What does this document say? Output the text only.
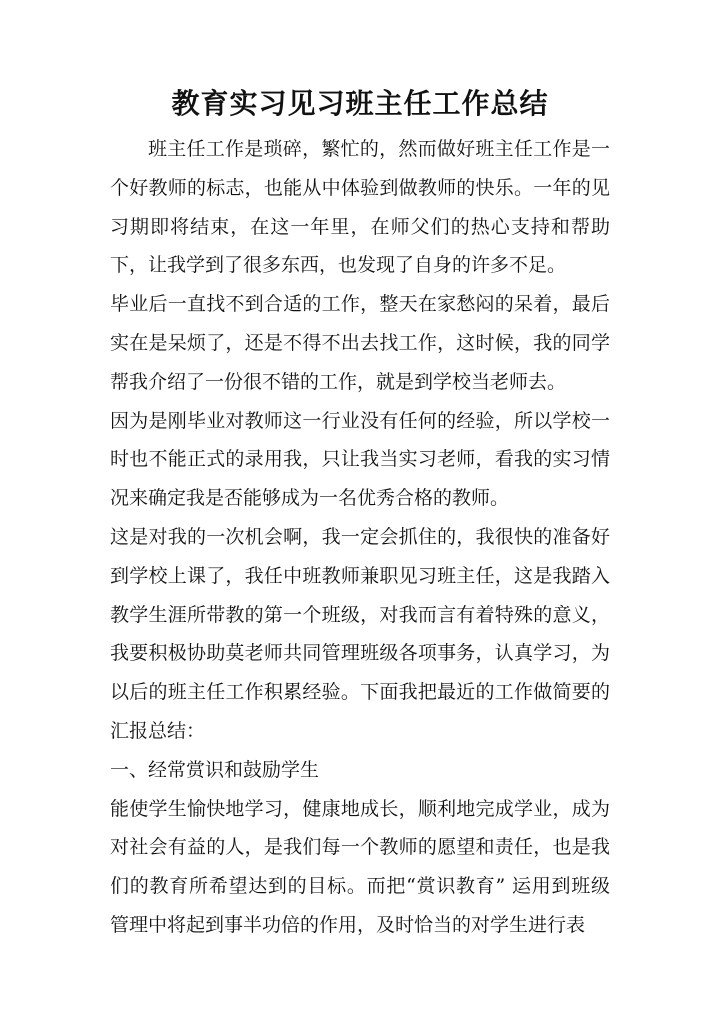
教育实习见习班主任工作总结

班主任工作是琐碎，繁忙的，然而做好班主任工作是一个好教师的标志，也能从中体验到做教师的快乐。一年的见习期即将结束，在这一年里，在师父们的热心支持和帮助下，让我学到了很多东西，也发现了自身的许多不足。

毕业后一直找不到合适的工作，整天在家愁闷的呆着，最后实在是呆烦了，还是不得不出去找工作，这时候，我的同学帮我介绍了一份很不错的工作，就是到学校当老师去。

因为是刚毕业对教师这一行业没有任何的经验，所以学校一时也不能正式的录用我，只让我当实习老师，看我的实习情况来确定我是否能够成为一名优秀合格的教师。

这是对我的一次机会啊，我一定会抓住的，我很快的准备好到学校上课了，我任中班教师兼职见习班主任，这是我踏入教学生涯所带教的第一个班级，对我而言有着特殊的意义，我要积极协助莫老师共同管理班级各项事务，认真学习，为以后的班主任工作积累经验。下面我把最近的工作做简要的汇报总结：

一、经常赏识和鼓励学生

能使学生愉快地学习，健康地成长，顺利地完成学业，成为对社会有益的人，是我们每一个教师的愿望和责任，也是我们的教育所希望达到的目标。而把“赏识教育” 运用到班级管理中将起到事半功倍的作用，及时恰当的对学生进行表
